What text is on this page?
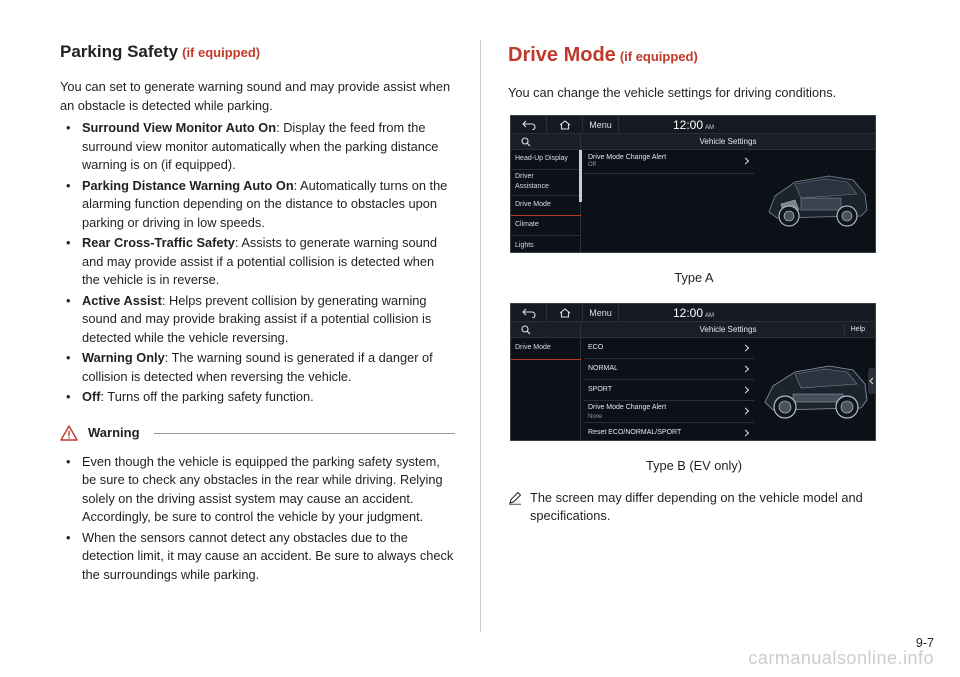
Parking Safety (if equipped)
You can set to generate warning sound and may provide assist when an obstacle is detected while parking.
• Surround View Monitor Auto On: Display the feed from the surround view monitor automatically when the parking distance warning is on (if equipped).
• Parking Distance Warning Auto On: Automatically turns on the alarming function depending on the distance to obstacles upon parking or driving in low speeds.
• Rear Cross-Traffic Safety: Assists to generate warning sound and may provide assist if a potential collision is detected when the vehicle is in reverse.
• Active Assist: Helps prevent collision by generating warning sound and may provide braking assist if a potential collision is detected while the vehicle reversing.
• Warning Only: The warning sound is generated if a danger of collision is detected when reversing the vehicle.
• Off: Turns off the parking safety function.
Warning
• Even though the vehicle is equipped the parking safety system, be sure to check any obstacles in the rear while driving. Relying solely on the driving assist system may cause an accident. Accordingly, be sure to control the vehicle by your judgment.
• When the sensors cannot detect any obstacles due to the detection limit, it may cause an accident. Be sure to always check the surroundings while parking.
Drive Mode (if equipped)
You can change the vehicle settings for driving conditions.
Menu	12:00 AM
Vehicle Settings
Head-Up Display
Driver
Assistance
Drive Mode
Climate
Lights
Drive Mode Change Alert
Off
Type A
Menu	12:00 AM
Vehicle Settings	Help
Drive Mode	ECO
NORMAL
SPORT
Drive Mode Change Alert
None
Reset ECO/NORMAL/SPORT
Type B (EV only)
The screen may differ depending on the vehicle model and specifications.
9-7
carmanualsonline.info
